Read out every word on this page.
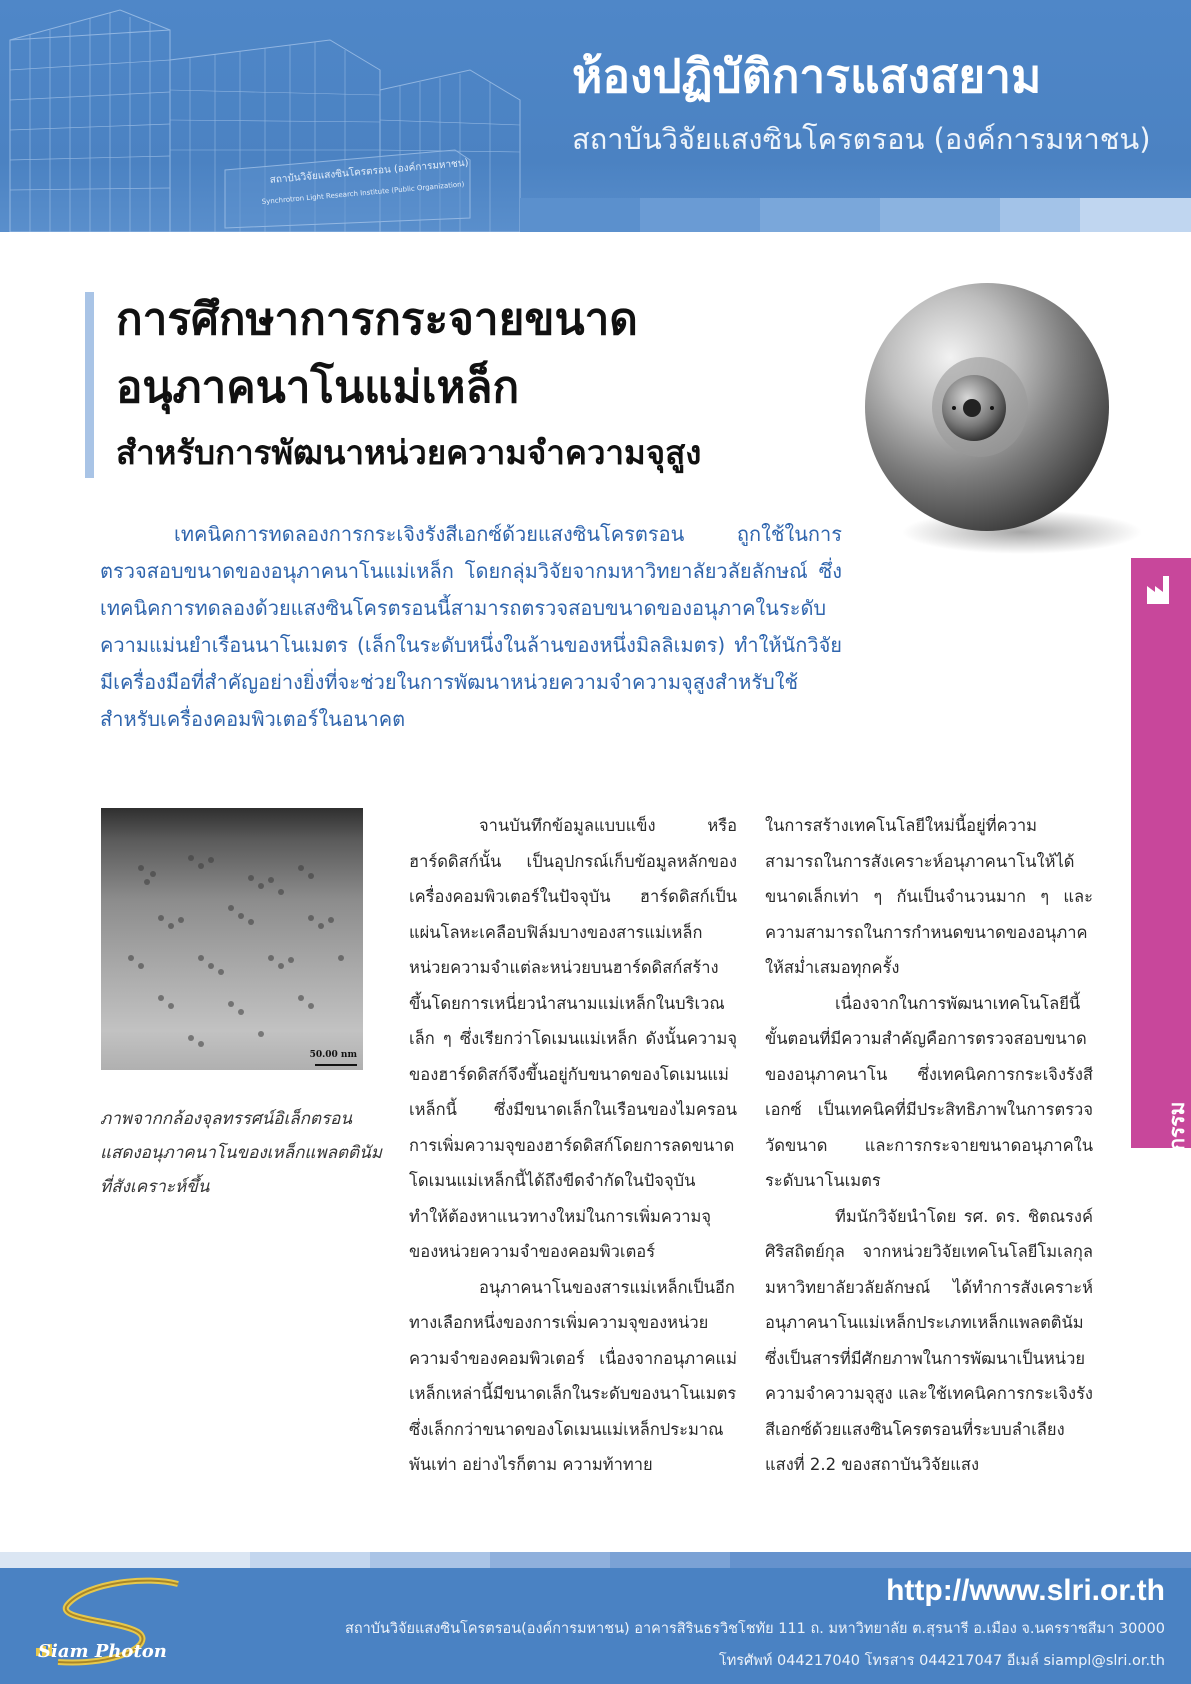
สถาบันวิจัยแสงซินโครตรอน (องค์การมหาชน)
Synchrotron Light Research Institute (Public Organization)
ห้องปฏิบัติการแสงสยาม
สถาบันวิจัยแสงซินโครตรอน (องค์การมหาชน)
การศึกษาการกระจายขนาด
อนุภาคนาโนแม่เหล็ก
สำหรับการพัฒนาหน่วยความจำความจุสูง
เทคนิคการทดลองการกระเจิงรังสีเอกซ์ด้วยแสงซินโครตรอน ถูกใช้ในการตรวจสอบขนาดของอนุภาคนาโนแม่เหล็ก โดยกลุ่มวิจัยจากมหาวิทยาลัยวลัยลักษณ์ ซึ่งเทคนิคการทดลองด้วยแสงซินโครตรอนนี้สามารถตรวจสอบขนาดของอนุภาคในระดับความแม่นยำเรือนนาโนเมตร (เล็กในระดับหนึ่งในล้านของหนึ่งมิลลิเมตร) ทำให้นักวิจัยมีเครื่องมือที่สำคัญอย่างยิ่งที่จะช่วยในการพัฒนาหน่วยความจำความจุสูงสำหรับใช้สำหรับเครื่องคอมพิวเตอร์ในอนาคต
50.00 nm
ภาพจากกล้องจุลทรรศน์อิเล็กตรอน แสดงอนุภาคนาโนของเหล็กแพลตตินัมที่สังเคราะห์ขึ้น

จานบันทึกข้อมูลแบบแข็ง หรือ ฮาร์ดดิสก์นั้น เป็นอุปกรณ์เก็บข้อมูลหลักของเครื่องคอมพิวเตอร์ในปัจจุบัน ฮาร์ดดิสก์เป็นแผ่นโลหะเคลือบฟิล์มบางของสารแม่เหล็ก หน่วยความจำแต่ละหน่วยบนฮาร์ดดิสก์สร้างขึ้นโดยการเหนี่ยวนำสนามแม่เหล็กในบริเวณเล็ก ๆ ซึ่งเรียกว่าโดเมนแม่เหล็ก ดังนั้นความจุของฮาร์ดดิสก์จึงขึ้นอยู่กับขนาดของโดเมนแม่เหล็กนี้ ซึ่งมีขนาดเล็กในเรือนของไมครอน การเพิ่มความจุของฮาร์ดดิสก์โดยการลดขนาดโดเมนแม่เหล็กนี้ได้ถึงขีดจำกัดในปัจจุบัน ทำให้ต้องหาแนวทางใหม่ในการเพิ่มความจุของหน่วยความจำของคอมพิวเตอร์

อนุภาคนาโนของสารแม่เหล็กเป็นอีกทางเลือกหนึ่งของการเพิ่มความจุของหน่วยความจำของคอมพิวเตอร์ เนื่องจากอนุภาคแม่เหล็กเหล่านี้มีขนาดเล็กในระดับของนาโนเมตร ซึ่งเล็กกว่าขนาดของโดเมนแม่เหล็กประมาณพันเท่า อย่างไรก็ตาม ความท้าทาย

ในการสร้างเทคโนโลยีใหม่นี้อยู่ที่ความสามารถในการสังเคราะห์อนุภาคนาโนให้ได้ขนาดเล็กเท่า ๆ กันเป็นจำนวนมาก ๆ และความสามารถในการกำหนดขนาดของอนุภาคให้สม่ำเสมอทุกครั้ง

เนื่องจากในการพัฒนาเทคโนโลยีนี้ ขั้นตอนที่มีความสำคัญคือการตรวจสอบขนาดของอนุภาคนาโน ซึ่งเทคนิคการกระเจิงรังสีเอกซ์ เป็นเทคนิคที่มีประสิทธิภาพในการตรวจวัดขนาด และการกระจายขนาดอนุภาคในระดับนาโนเมตร

ทีมนักวิจัยนำโดย รศ. ดร. ชิตณรงค์ ศิริสถิตย์กุล จากหน่วยวิจัยเทคโนโลยีโมเลกุล มหาวิทยาลัยวลัยลักษณ์ ได้ทำการสังเคราะห์อนุภาคนาโนแม่เหล็กประเภทเหล็กแพลตตินัม ซึ่งเป็นสารที่มีศักยภาพในการพัฒนาเป็นหน่วยความจำความจุสูง และใช้เทคนิคการกระเจิงรังสีเอกซ์ด้วยแสงซินโครตรอนที่ระบบลำเลียงแสงที่ 2.2 ของสถาบันวิจัยแสง

งานวิจัยด้านอุตสาหกรรม
Siam Photon
http://www.slri.or.th
สถาบันวิจัยแสงซินโครตรอน(องค์การมหาชน) อาคารสิรินธรวิชโชทัย 111 ถ. มหาวิทยาลัย ต.สุรนารี อ.เมือง จ.นครราชสีมา 30000
โทรศัพท์ 044217040 โทรสาร 044217047 อีเมล์ siampl@slri.or.th
